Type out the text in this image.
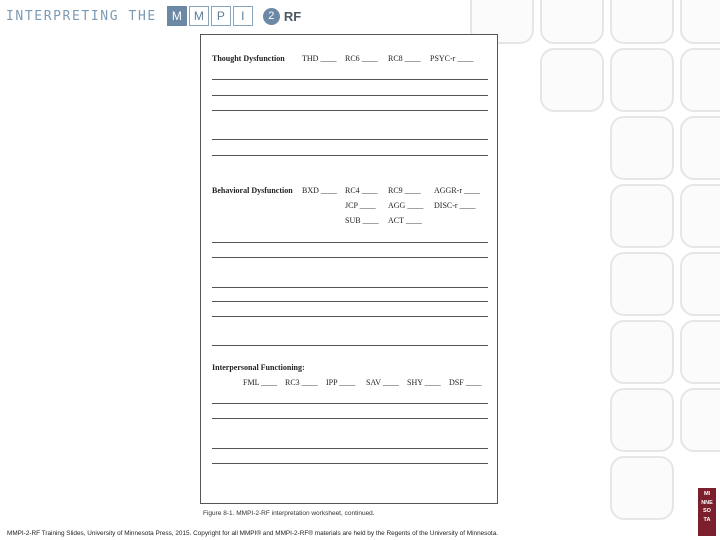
INTERPRETING THE	M	M	P	I	2 RF
Thought Dysfunction THD ____ RC6 ____ RC8 ____ PSYC-r ____
Behavioral Dysfunction BXD ____ RC4 ____ RC9 ____ AGGR-r ____
JCP ____ AGG ____ DISC-r ____
SUB ____ ACT ____
Interpersonal Functioning:
FML ____ RC3 ____ IPP ____ SAV ____ SHY ____ DSF ____
Figure 8-1. MMPI-2-RF interpretation worksheet, continued.
MMPI-2-RF Training Slides, University of Minnesota Press, 2015. Copyright for all MMPI® and MMPI-2-RF® materials are held by the Regents of the University of Minnesota.
MI
NNE
SO
TA
